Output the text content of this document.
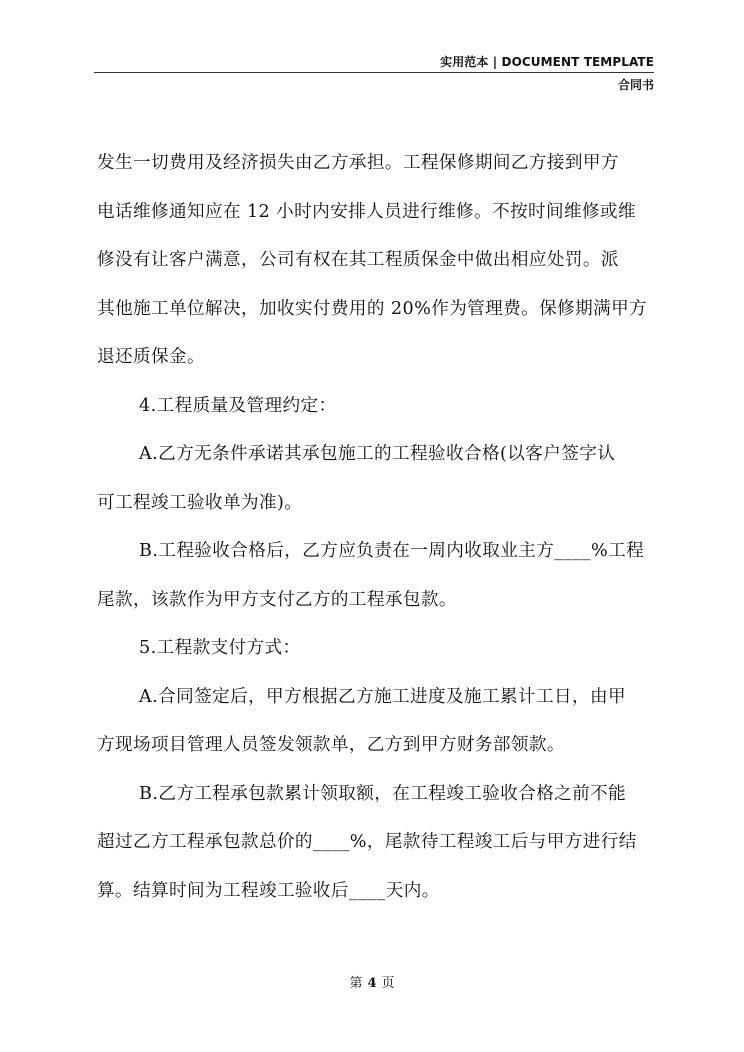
实用范本 | DOCUMENT TEMPLATE
合同书
发生一切费用及经济损失由乙方承担。工程保修期间乙方接到甲方
电话维修通知应在 12 小时内安排人员进行维修。不按时间维修或维
修没有让客户满意，公司有权在其工程质保金中做出相应处罚。派
其他施工单位解决，加收实付费用的 20%作为管理费。保修期满甲方
退还质保金。
4.工程质量及管理约定：
A.乙方无条件承诺其承包施工的工程验收合格(以客户签字认
可工程竣工验收单为准)。
B.工程验收合格后，乙方应负责在一周内收取业主方____%工程
尾款，该款作为甲方支付乙方的工程承包款。
5.工程款支付方式：
A.合同签定后，甲方根据乙方施工进度及施工累计工日，由甲
方现场项目管理人员签发领款单，乙方到甲方财务部领款。
B.乙方工程承包款累计领取额，在工程竣工验收合格之前不能
超过乙方工程承包款总价的____%，尾款待工程竣工后与甲方进行结
算。结算时间为工程竣工验收后____天内。
第 4 页
